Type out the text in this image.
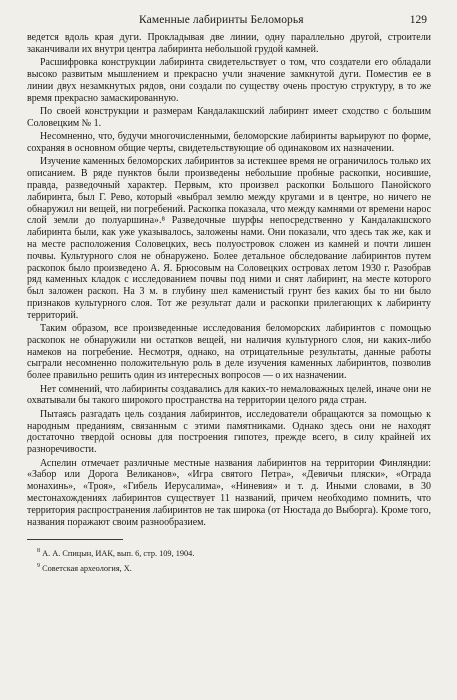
Каменные лабиринты Беломорья	129

ведется вдоль края дуги. Прокладывая две линии, одну параллельно другой, строители заканчивали их внутри центра лабиринта небольшой грудой камней.

Расшифровка конструкции лабиринта свидетельствует о том, что создатели его обладали высоко развитым мышлением и прекрасно учли значение замкнутой дуги. Поместив ее в линии двух незамкнутых рядов, они создали по существу очень простую структуру, в то же время прекрасно замаскированную.

По своей конструкции и размерам Кандалакшский лабиринт имеет сходство с большим Соловецким № 1.

Несомненно, что, будучи многочисленными, беломорские лабиринты варьируют по форме, сохраняя в основном общие черты, свидетельствующие об одинаковом их назначении.

Изучение каменных беломорских лабиринтов за истекшее время не ограничилось только их описанием. В ряде пунктов были произведены небольшие пробные раскопки, носившие, правда, разведочный характер. Первым, кто произвел раскопки Большого Панойского лабиринта, был Г. Рево, который «выбрал землю между кругами и в центре, но ничего не обнаружил ни вещей, ни погребений. Раскопка показала, что между камнями от времени нарос слой земли до полуаршина».⁸ Разведочные шурфы непосредственно у Кандалакшского лабиринта были, как уже указывалось, заложены нами. Они показали, что здесь так же, как и на месте расположения Соловецких, весь полуостровок сложен из камней и почти лишен почвы. Культурного слоя не обнаружено. Более детальное обследование лабиринтов путем раскопок было произведено А. Я. Брюсовым на Соловецких островах летом 1930 г. Разобрав ряд каменных кладок с исследованием почвы под ними и снят лабиринт, на месте которого был заложен раскоп. На 3 м. в глубину шел каменистый грунт без каких бы то ни было признаков культурного слоя. Тот же результат дали и раскопки прилегающих к лабиринту территорий.

Таким образом, все произведенные исследования беломорских лабиринтов с помощью раскопок не обнаружили ни остатков вещей, ни наличия культурного слоя, ни каких-либо намеков на погребение. Несмотря, однако, на отрицательные результаты, данные работы сыграли несомненно положительную роль в деле изучения каменных лабиринтов, позволив более правильно решить один из интересных вопросов — о их назначении.

Нет сомнений, что лабиринты создавались для каких-то немаловажных целей, иначе они не охватывали бы такого широкого пространства на территории целого ряда стран.

Пытаясь разгадать цель создания лабиринтов, исследователи обращаются за помощью к народным преданиям, связанным с этими памятниками. Однако здесь они не находят достаточно твердой основы для построения гипотез, прежде всего, в силу крайней их разноречивости.

Аспелин отмечает различные местные названия лабиринтов на территории Финляндии: «Забор или Дорога Великанов», «Игра святого Петра», «Девичьи пляски», «Ограда монахинь», «Троя», «Гибель Иерусалима», «Ниневия» и т. д. Иными словами, в 30 местонахождениях лабиринтов существует 11 названий, причем необходимо помнить, что территория распространения лабиринтов не так широка (от Нюстада до Выборга). Кроме того, названия поражают своим разнообразием.

$^8$ А. А. Спицын, ИАК, вып. 6, стр. 109, 1904.

$^9$ Советская археология, X.
